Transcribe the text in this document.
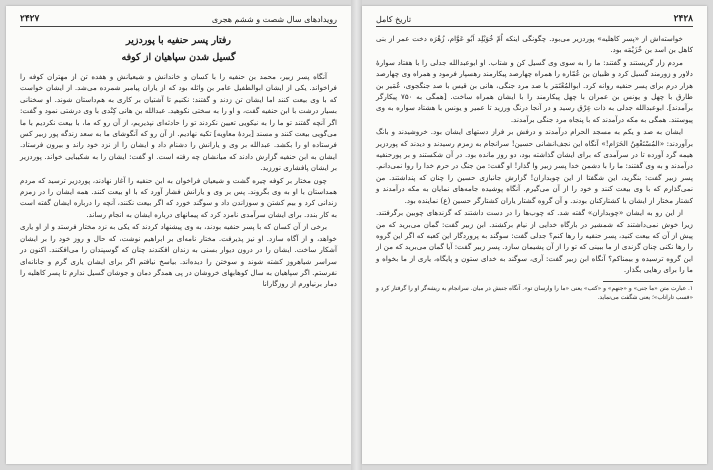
رویدادهای سال شصت و ششم هجری
۲۴۲۷
رفتار پسر حنفیه با پوردزیر
گسیل شدن سپاهیان از کوفه

آنگاه پسر زبیر، محمد بن حنفیه را با کسان و خاندانش و شیعیانش و هفده تن از مهتران کوفه را فراخواند. یکی از ایشان ابوالطفیل عامر بن واثله بود که از یاران پیامبر شمرده می‌شد. از ایشان خواست که با وی بیعت کنند اما ایشان تن زدند و گفتند: نکنیم تا آشتیان بر کاری به هم‌داستان شوند. او سخنانی بسیار درشت با ابن حنفیه گفت، و او را به سختی نکوهید. عبدالله بن هانی کِنْدی با وی درشتی نمود و گفت: اگر آنچه گفتند تو ما را به نیکویی تعیین نکردند تو را حادثه‌ای نپذیریم، از آن رو که ما، با بیعت نکردیم با ما می‌گویی بیعت کنند و مسند [بردهٔ معاویه] تکیه نهادیم. از آن رو که آنگوشای ما به سعد زندگه پور زبیر کس فرستاده او را بکشد. عبدالله بر وی و یارانش را دشنام داد و ایشان را از نزد خود راند و بیرون فرستاد. ایشان به ابن حنفیه گزارش دادند که میانشان چه رفته است. او گفت: ایشان را به شکیبایی خواند. پوردزیر بر ایشان پافشاری نورزید.

چون مختار بر کوفه چیره گشت و شیعیان فراخوان به ابن حنفیه را آغاز نهادند، پوردزیر ترسید که مردم همداستان با او به وی بگروند. پس بر وی و یارانش فشار آورد که با او بیعت کنند. همه ایشان را در زمزم زندانی کرد و بیم کشتن و سوزاندن داد و سوگند خورد که اگر بیعت نکنند، آنچه را درباره ایشان گفته است به کار بندد. برای ایشان سرآمدی نامزد کرد که پیمانهای درباره ایشان به انجام رساند.

برخی از آن کسان که با پسر حنفیه بودند، به وی پیشنهاد کردند که یکی به نزد مختار فرستد و از او یاری خواهد، و از آگاه سازد. او نیز پذیرفت. مختار نامه‌ای بر ابراهیم نوشت، که حال و روز خود را بر ایشان آشکار ساخت. ایشان را در درون دیوار بسنی به زندان افکندند چنان که گوسپندان را می‌افکنند. اکنون در سراسر شیاهروز کشته شوند و سوختن را دیده‌اند. بیاسخ نیافتم اگر برای ایشان یاری گرم و جانانه‌ای نفرستم. اگر سپاهیان به سال کوهابهای خروشان در پی همدگر دمان و جوشان گسیل ندارم تا پسر کاهلیه را دمار برنیاورم از روزگارانا

۲۴۲۸
تاریخ کامل

خواسته‌اش از «پسر کاهلیه» پوردزیر می‌بود. چگونگی اینکه اُمّ خُوَیْلِد اَبُو عَوَّام، زُهْرَه دخت عمر از بنی کاهل بن اسد بن خُزَیْمَه بود.

مردم زار گریستند و گفتند: ما را به سوی وی گسیل کن و شتاب. او ابوعبدالله جدلی را با هفتاد سوارهٔ دلاور و زورمند گسیل کرد و ظبیان بن عُمّاره را همراه چهارصد پیکارمند رهسپار فرمود و همراه وی چهارصد هزار درم برای پسر حنفیه روانه کرد. ابوالمُعْتَمَر با صد مرد جنگی، هانی بن قیس با صد جنگجوی، عُمَیر بن طارق با چهل و یونس بن عمران با چهل پیکارمند را با ایشان همراه ساخت. [همگی به ۷۵۰ پیکارگر برآمدند]. ابوعبدالله جدلی به ذات عِرْق رسید و در آنجا درنگ ورزید تا عمیر و یونس با هشتاد سواره به وی پیوستند. همگی به مکه درآمدند که با پنجاه مرد جنگی برآمدند.

ایشان به صد و یکم به مسجد الحرام درآمدند و درفش بر فراز دستهای ایشان بود. خروشیدند و بانگ برآوردند: «المُسْتَغْعِنُ الحَرَام!» آنگاه این نجف‌انشانی حسین! سرانجام به زمزم رسیدند و دیدند که پوردزیر هیمه گرد آورده تا در سرآمدی که برای ایشان گذاشته بود، دو روز مانده بود. در آن شکستند و بر پورحنفیه درآمدند و به وی گفتند: ما را با دشمن خدا پسر زبیر وا گذار! او گفت: من جنگ در حرم خدا را روا نمی‌دانم. پسر زبیر گفت: بنگرید، این شگفتا از این چوبداران! گزارش جانبازی حسین را چنان که پنداشتند. من نمی‌گذارم که با وی بیعت کنند و خود را از آن می‌گیرم. آنگاه پوشیده جامه‌های نمایان به مکه درآمدند و کشتار مختار از ایشان با کشتارکنان بودند. و آن گروه گشتار یاران کشتارگر حسین (ع) نماینده بود.

از این رو به ایشان «چوبداران» گفته شد. که چوب‌ها را در دست داشتند که گزندهای چوبین برگرفتند. زیرا خوش نمی‌داشتند که شمشیر در بارگاه خدایی از نیام برکشند. ابن زبیر گفت: گمان می‌برید که من پیش از آن که بیعت کنید، پسر حنفیه را رها کنم؟ جدلی گفت: سوگند به پروردگار این کعبه که اگر این گروه را رها نکنی چنان گزندی از ما ببینی که تو را از آن پشیمان سازد. پسر زبیر گفت: آیا گمان می‌برید که من از این گروه ترسیده و بیمناکم؟ آنگاه ابن زبیر گفت: آری، سوگند به خدای ستون و پایگاه، یاری از ما بخواه و ما را برای رهایی بگذار.

۱. عبارت متن «ما جنی» و «جنهم» و «کتب» یعنی «ما را وارسان تو». آنگاه جنبش در میان. سرانجام به ریشه‌گر او را گرفتار کرد و «فسب تاراتاب»؛ یعنی شگفت می‌نماید.
